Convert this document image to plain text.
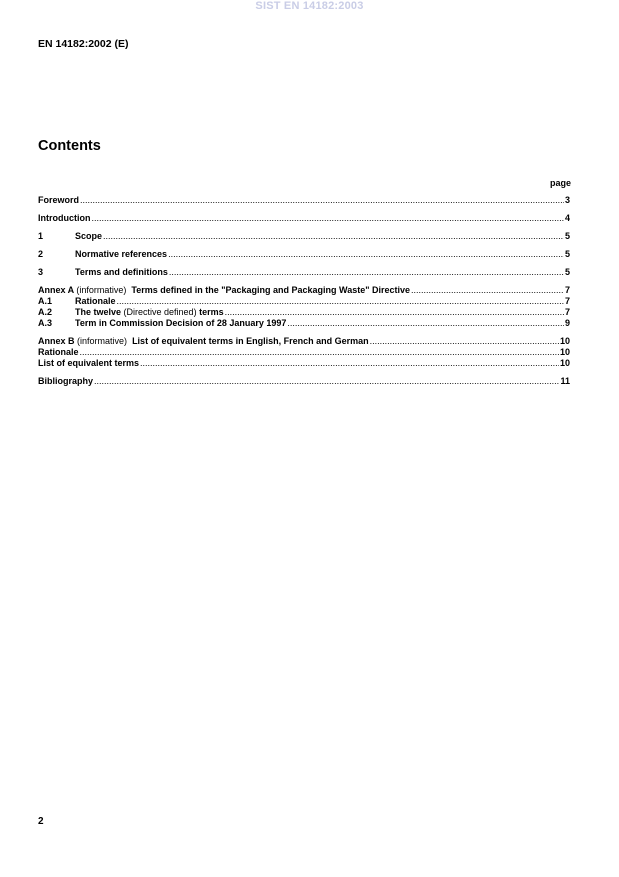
SIST EN 14182:2003
EN 14182:2002 (E)
Contents
page
Foreword .....	3
Introduction .....	4
1	Scope .....	5
2	Normative references .....	5
3	Terms and definitions .....	5
Annex A (informative) Terms defined in the "Packaging and Packaging Waste" Directive .....	7
A.1	Rationale .....	7
A.2	The twelve (Directive defined) terms .....	7
A.3	Term in Commission Decision of 28 January 1997 .....	9
Annex B (informative) List of equivalent terms in English, French and German .....	10
Rationale .....	10
List of equivalent terms .....	10
Bibliography .....	11
2
